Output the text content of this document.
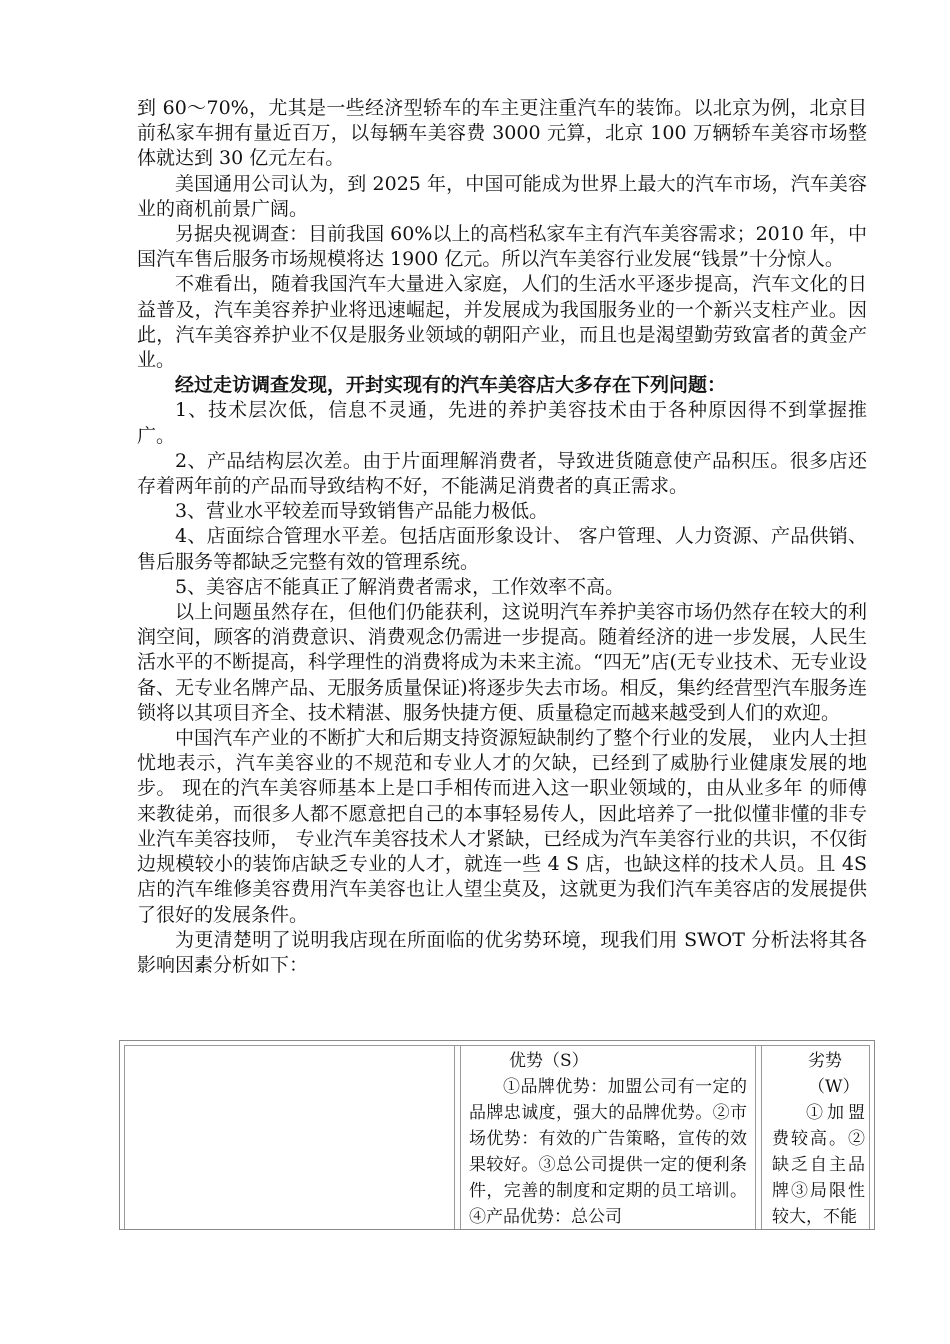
到 60～70%，尤其是一些经济型轿车的车主更注重汽车的装饰。以北京为例，北京目前私家车拥有量近百万，以每辆车美容费 3000 元算，北京 100 万辆轿车美容市场整体就达到 30 亿元左右。

美国通用公司认为，到 2025 年，中国可能成为世界上最大的汽车市场，汽车美容业的商机前景广阔。

另据央视调查：目前我国 60%以上的高档私家车主有汽车美容需求；2010 年，中国汽车售后服务市场规模将达 1900 亿元。所以汽车美容行业发展“钱景”十分惊人。

不难看出，随着我国汽车大量进入家庭，人们的生活水平逐步提高，汽车文化的日益普及，汽车美容养护业将迅速崛起，并发展成为我国服务业的一个新兴支柱产业。因此，汽车美容养护业不仅是服务业领域的朝阳产业，而且也是渴望勤劳致富者的黄金产业。

经过走访调查发现，开封实现有的汽车美容店大多存在下列问题：

1、技术层次低，信息不灵通，先进的养护美容技术由于各种原因得不到掌握推广。

2、产品结构层次差。由于片面理解消费者，导致进货随意使产品积压。很多店还存着两年前的产品而导致结构不好，不能满足消费者的真正需求。

3、营业水平较差而导致销售产品能力极低。

4、店面综合管理水平差。包括店面形象设计、 客户管理、人力资源、产品供销、售后服务等都缺乏完整有效的管理系统。

5、美容店不能真正了解消费者需求，工作效率不高。

以上问题虽然存在，但他们仍能获利，这说明汽车养护美容市场仍然存在较大的利润空间，顾客的消费意识、消费观念仍需进一步提高。随着经济的进一步发展，人民生活水平的不断提高，科学理性的消费将成为未来主流。“四无”店(无专业技术、无专业设备、无专业名牌产品、无服务质量保证)将逐步失去市场。相反，集约经营型汽车服务连锁将以其项目齐全、技术精湛、服务快捷方便、质量稳定而越来越受到人们的欢迎。

中国汽车产业的不断扩大和后期支持资源短缺制约了整个行业的发展， 业内人士担忧地表示，汽车美容业的不规范和专业人才的欠缺，已经到了威胁行业健康发展的地步。 现在的汽车美容师基本上是口手相传而进入这一职业领域的，由从业多年 的师傅来教徒弟，而很多人都不愿意把自己的本事轻易传人，因此培养了一批似懂非懂的非专业汽车美容技师， 专业汽车美容技术人才紧缺，已经成为汽车美容行业的共识，不仅街边规模较小的装饰店缺乏专业的人才，就连一些 4 S 店，也缺这样的技术人员。且 4S 店的汽车维修美容费用汽车美容也让人望尘莫及，这就更为我们汽车美容店的发展提供了很好的发展条件。

为更清楚明了说明我店现在所面临的优劣势环境，现我们用 SWOT 分析法将其各影响因素分析如下：

优势（S）
①品牌优势：加盟公司有一定的品牌忠诚度，强大的品牌优势。②市场优势：有效的广告策略，宣传的效果较好。③总公司提供一定的便利条件，完善的制度和定期的员工培训。④产品优势：总公司
劣势（W）
①加盟费较高。②缺乏自主品牌③局限性较大，不能
